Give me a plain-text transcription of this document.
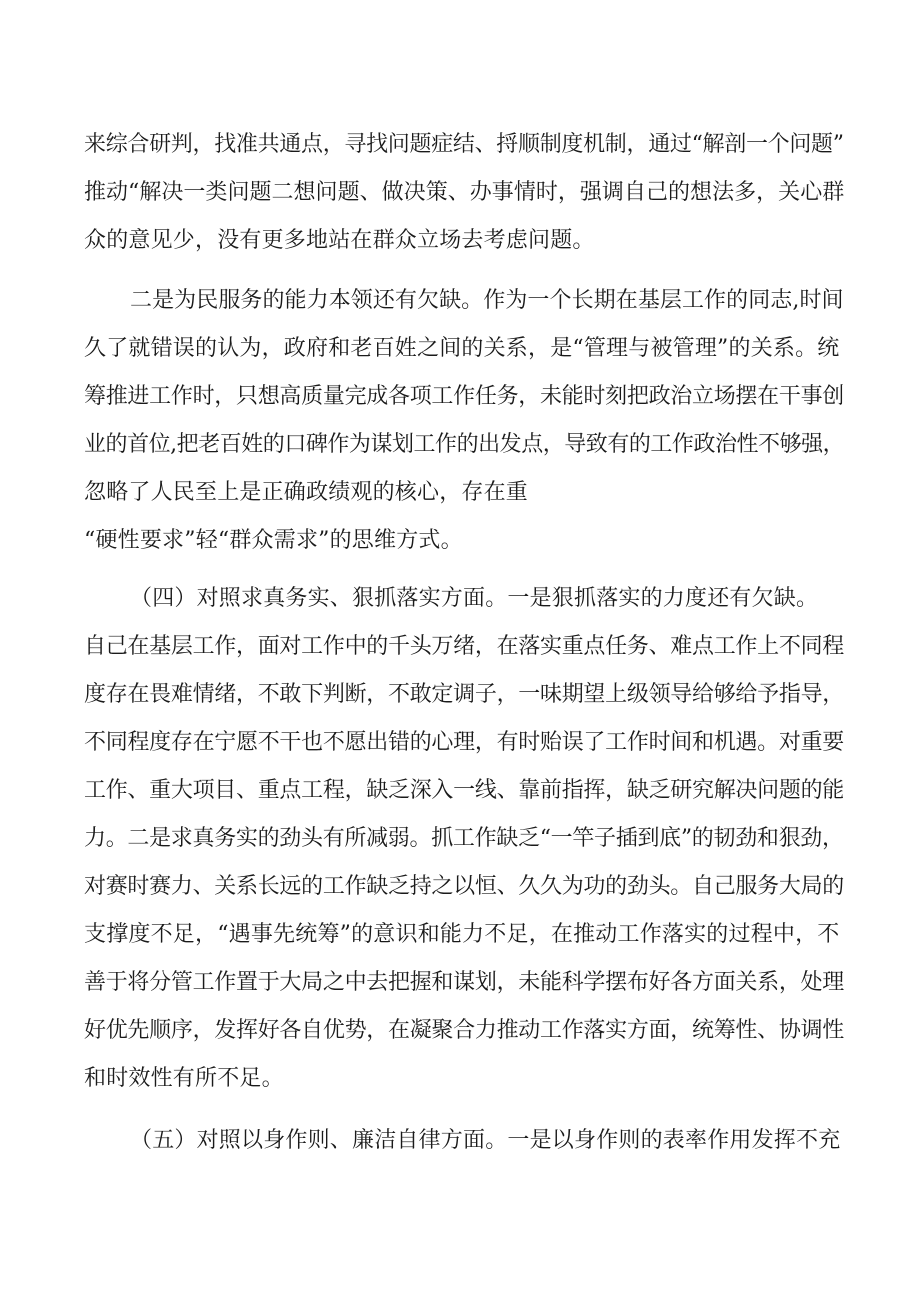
来综合研判，找准共通点，寻找问题症结、捋顺制度机制，通过“解剖一个问题”
推动“解决一类问题二想问题、做决策、办事情时，强调自己的想法多，关心群
众的意见少，没有更多地站在群众立场去考虑问题。
二是为民服务的能力本领还有欠缺。作为一个长期在基层工作的同志,时间
久了就错误的认为，政府和老百姓之间的关系，是“管理与被管理”的关系。统
筹推进工作时，只想高质量完成各项工作任务，未能时刻把政治立场摆在干事创
业的首位,把老百姓的口碑作为谋划工作的出发点，导致有的工作政治性不够强，
忽略了人民至上是正确政绩观的核心，存在重
“硬性要求”轻“群众需求”的思维方式。
（四）对照求真务实、狠抓落实方面。一是狠抓落实的力度还有欠缺。
自己在基层工作，面对工作中的千头万绪，在落实重点任务、难点工作上不同程
度存在畏难情绪，不敢下判断，不敢定调子，一味期望上级领导给够给予指导，
不同程度存在宁愿不干也不愿出错的心理，有时贻误了工作时间和机遇。对重要
工作、重大项目、重点工程，缺乏深入一线、靠前指挥，缺乏研究解决问题的能
力。二是求真务实的劲头有所减弱。抓工作缺乏“一竿子插到底”的韧劲和狠劲，
对赛时赛力、关系长远的工作缺乏持之以恒、久久为功的劲头。自己服务大局的
支撑度不足，“遇事先统筹”的意识和能力不足，在推动工作落实的过程中，不
善于将分管工作置于大局之中去把握和谋划，未能科学摆布好各方面关系，处理
好优先顺序，发挥好各自优势，在凝聚合力推动工作落实方面，统筹性、协调性
和时效性有所不足。
（五）对照以身作则、廉洁自律方面。一是以身作则的表率作用发挥不充
